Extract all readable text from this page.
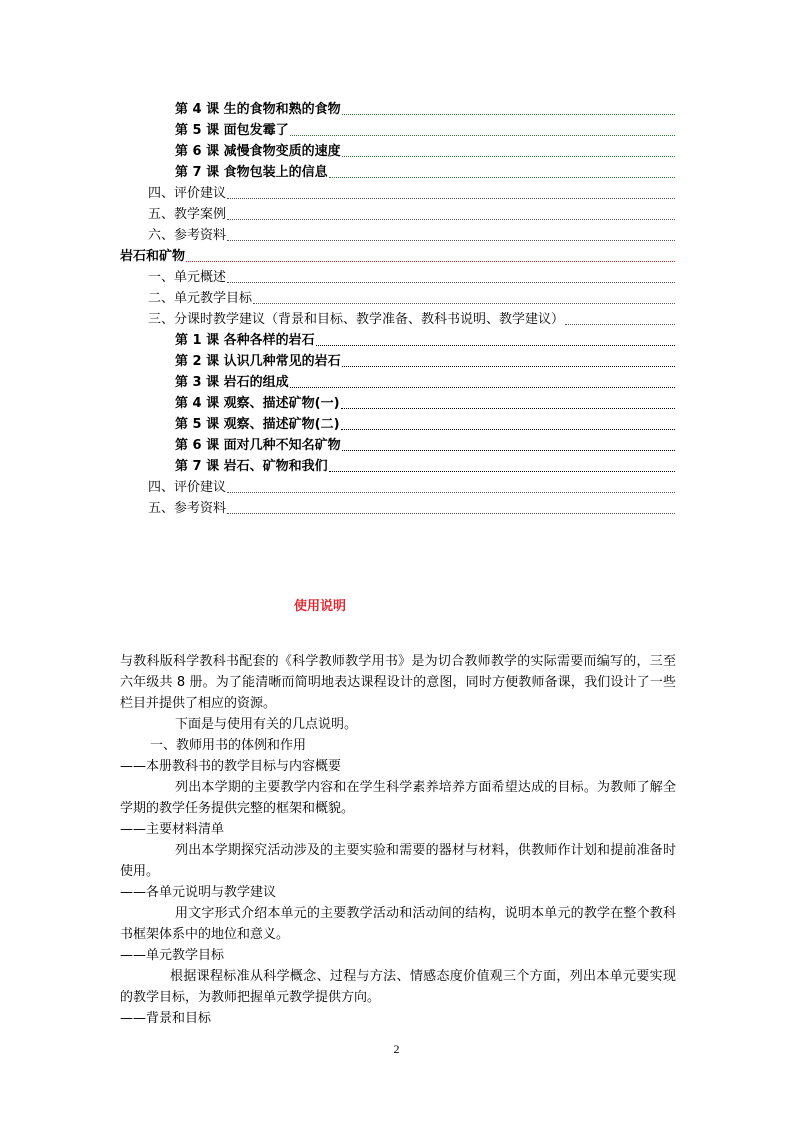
第 4 课 生的食物和熟的食物
第 5 课 面包发霉了
第 6 课 减慢食物变质的速度
第 7 课 食物包装上的信息
四、评价建议
五、教学案例
六、参考资料
岩石和矿物
一、单元概述
二、单元教学目标
三、分课时教学建议（背景和目标、教学准备、教科书说明、教学建议）
第 1 课 各种各样的岩石
第 2 课 认识几种常见的岩石
第 3 课 岩石的组成
第 4 课 观察、描述矿物(一)
第 5 课 观察、描述矿物(二)
第 6 课 面对几种不知名矿物
第 7 课 岩石、矿物和我们
四、评价建议
五、参考资料
使用说明
与教科版科学教科书配套的《科学教师教学用书》是为切合教师教学的实际需要而编写的，三至六年级共 8 册。为了能清晰而简明地表达课程设计的意图，同时方便教师备课，我们设计了一些栏目并提供了相应的资源。
下面是与使用有关的几点说明。
一、教师用书的体例和作用
——本册教科书的教学目标与内容概要
列出本学期的主要教学内容和在学生科学素养培养方面希望达成的目标。为教师了解全学期的教学任务提供完整的框架和概貌。
——主要材料清单
列出本学期探究活动涉及的主要实验和需要的器材与材料，供教师作计划和提前准备时使用。
——各单元说明与教学建议
用文字形式介绍本单元的主要教学活动和活动间的结构，说明本单元的教学在整个教科书框架体系中的地位和意义。
——单元教学目标
根据课程标准从科学概念、过程与方法、情感态度价值观三个方面，列出本单元要实现的教学目标，为教师把握单元教学提供方向。
——背景和目标
2
